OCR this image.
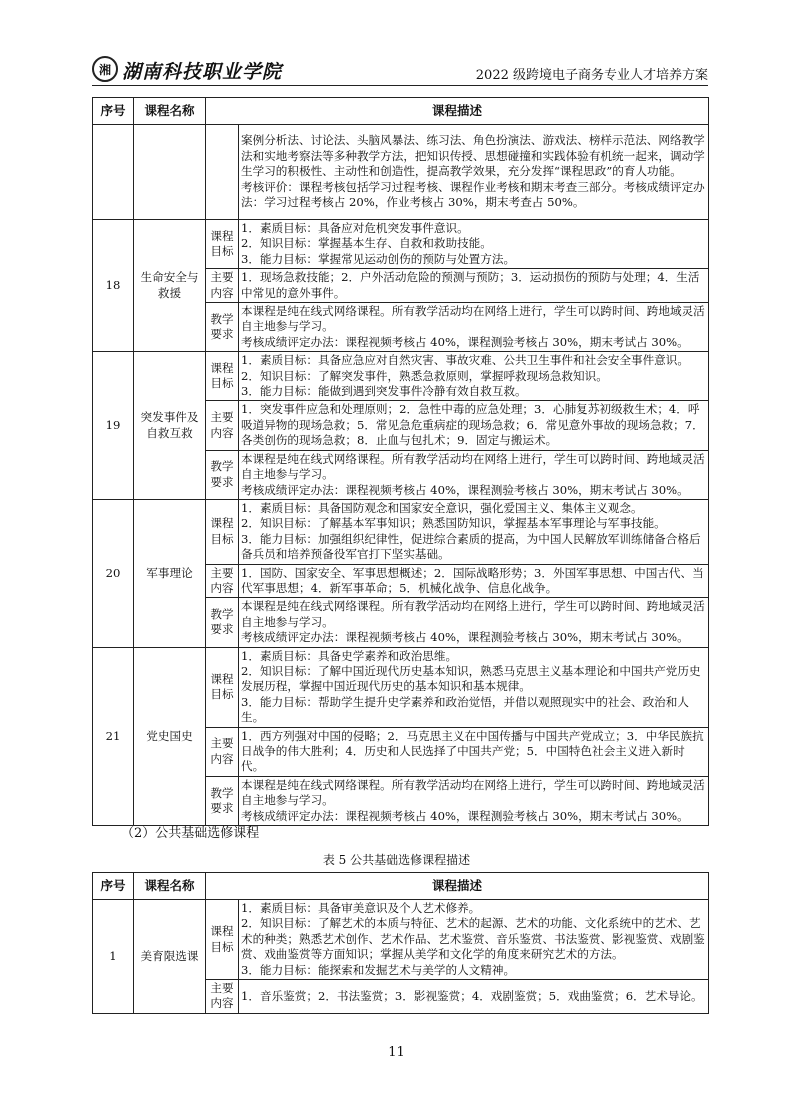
湘 湖南科技职业学院	2022 级跨境电子商务专业人才培养方案
序号	课程名称	课程描述	

			案例分析法、讨论法、头脑风暴法、练习法、角色扮演法、游戏法、榜样示范法、网络教学法和实地考察法等多种教学方法，把知识传授、思想碰撞和实践体验有机统一起来，调动学生学习的积极性、主动性和创造性，提高教学效果，充分发挥“课程思政”的育人功能。

考核评价：课程考核包括学习过程考核、课程作业考核和期末考查三部分。考核成绩评定办法：学习过程考核占 20%，作业考核占 30%，期末考查占 50%。

18	生命安全与救援	课程目标	1．素质目标：具备应对危机突发事件意识。

2．知识目标：掌握基本生存、自救和救助技能。

3．能力目标：掌握常见运动创伤的预防与处置方法。

		主要内容	1．现场急救技能；2．户外活动危险的预测与预防；3．运动损伤的预防与处理；4．生活中常见的意外事件。
		教学要求	本课程是纯在线式网络课程。所有教学活动均在网络上进行，学生可以跨时间、跨地域灵活自主地参与学习。

考核成绩评定办法：课程视频考核占 40%，课程测验考核占 30%，期末考试占 30%。

19	突发事件及自救互救	课程目标	1．素质目标：具备应急应对自然灾害、事故灾难、公共卫生事件和社会安全事件意识。

2．知识目标：了解突发事件，熟悉急救原则，掌握呼救现场急救知识。

3．能力目标：能做到遇到突发事件冷静有效自救互救。

		主要内容	1．突发事件应急和处理原则；2．急性中毒的应急处理；3．心肺复苏初级救生术；4．呼吸道异物的现场急救；5．常见急危重病症的现场急救；6．常见意外事故的现场急救；7．各类创伤的现场急救；8．止血与包扎术；9．固定与搬运术。
		教学要求	本课程是纯在线式网络课程。所有教学活动均在网络上进行，学生可以跨时间、跨地域灵活自主地参与学习。

考核成绩评定办法：课程视频考核占 40%，课程测验考核占 30%，期末考试占 30%。

20	军事理论	课程目标	1．素质目标：具备国防观念和国家安全意识，强化爱国主义、集体主义观念。

2．知识目标：了解基本军事知识；熟悉国防知识，掌握基本军事理论与军事技能。

3．能力目标：加强组织纪律性，促进综合素质的提高，为中国人民解放军训练储备合格后备兵员和培养预备役军官打下坚实基础。

		主要内容	1．国防、国家安全、军事思想概述；2．国际战略形势；3．外国军事思想、中国古代、当代军事思想；4．新军事革命；5．机械化战争、信息化战争。
		教学要求	本课程是纯在线式网络课程。所有教学活动均在网络上进行，学生可以跨时间、跨地域灵活自主地参与学习。

考核成绩评定办法：课程视频考核占 40%，课程测验考核占 30%，期末考试占 30%。

21	党史国史	课程目标	1．素质目标：具备史学素养和政治思维。

2．知识目标：了解中国近现代历史基本知识，熟悉马克思主义基本理论和中国共产党历史发展历程，掌握中国近现代历史的基本知识和基本规律。

3．能力目标：帮助学生提升史学素养和政治觉悟，并借以观照现实中的社会、政治和人生。

		主要内容	1．西方列强对中国的侵略；2．马克思主义在中国传播与中国共产党成立；3．中华民族抗日战争的伟大胜利；4．历史和人民选择了中国共产党；5．中国特色社会主义进入新时代。
		教学要求	本课程是纯在线式网络课程。所有教学活动均在网络上进行，学生可以跨时间、跨地域灵活自主地参与学习。

考核成绩评定办法：课程视频考核占 40%，课程测验考核占 30%，期末考试占 30%。

（2）公共基础选修课程
表 5 公共基础选修课程描述
序号	课程名称	课程描述	
1	美育限选课	课程目标	1．素质目标：具备审美意识及个人艺术修养。

2．知识目标：了解艺术的本质与特征、艺术的起源、艺术的功能、文化系统中的艺术、艺术的种类；熟悉艺术创作、艺术作品、艺术鉴赏、音乐鉴赏、书法鉴赏、影视鉴赏、戏剧鉴赏、戏曲鉴赏等方面知识；掌握从美学和文化学的角度来研究艺术的方法。

3．能力目标：能探索和发掘艺术与美学的人文精神。

		主要内容	1．音乐鉴赏；2．书法鉴赏；3．影视鉴赏；4．戏剧鉴赏；5．戏曲鉴赏；6．艺术导论。
11
